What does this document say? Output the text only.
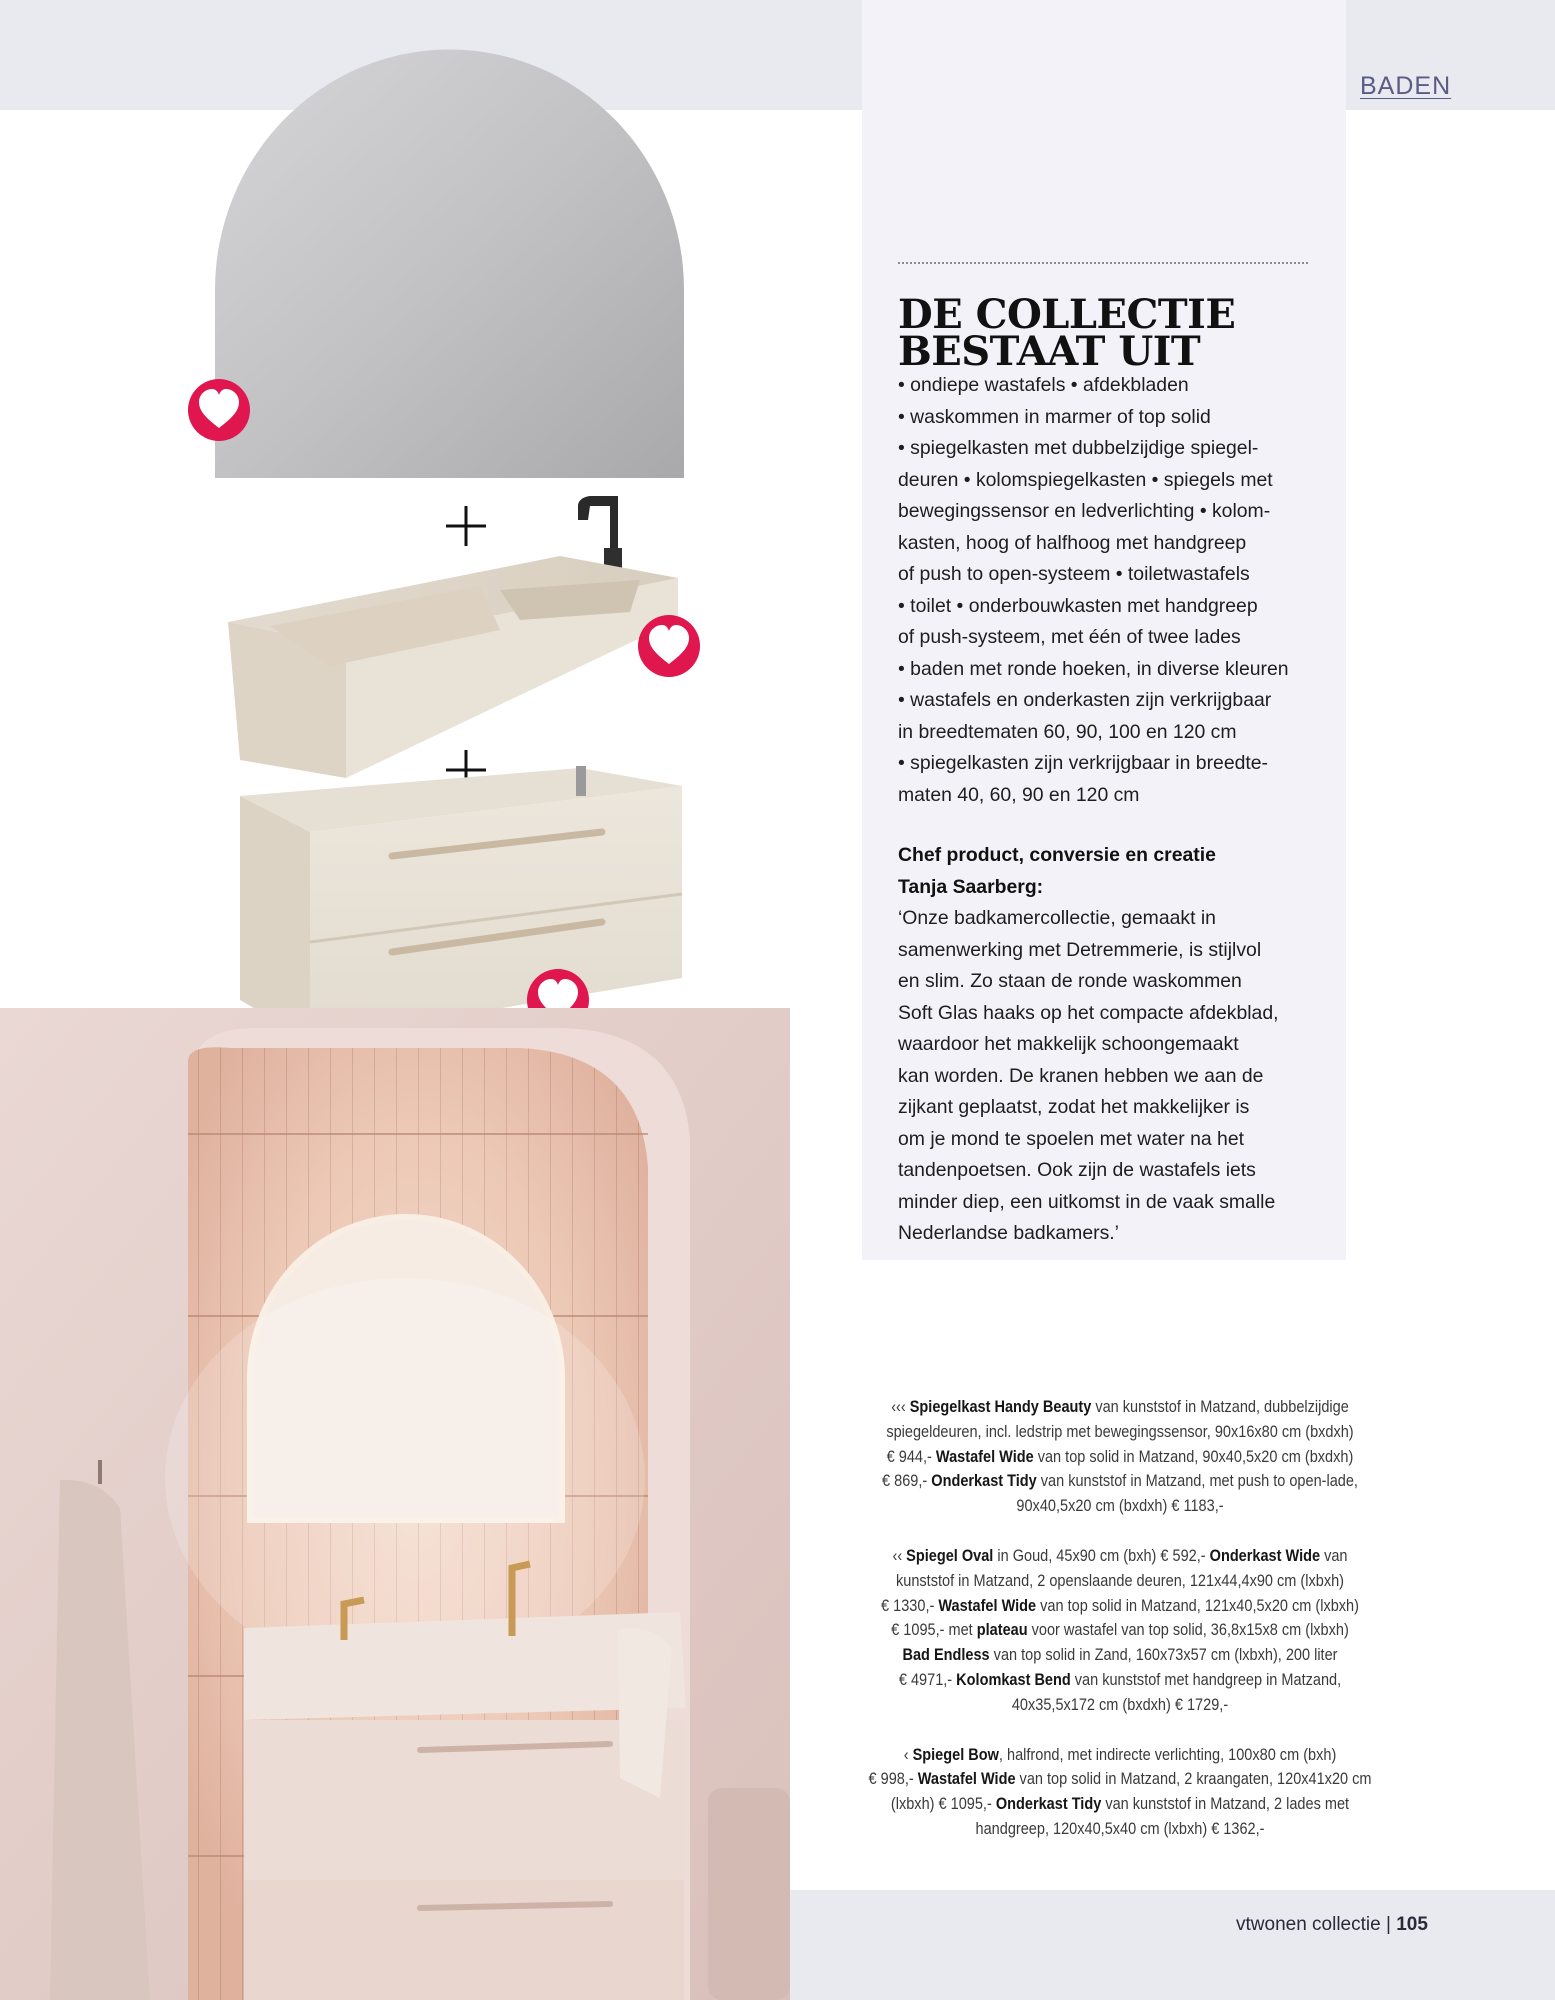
BADEN
DE COLLECTIE
BESTAAT UIT
• ondiepe wastafels • afdekbladen
• waskommen in marmer of top solid
• spiegelkasten met dubbelzijdige spiegel-
deuren • kolomspiegelkasten • spiegels met
bewegingssensor en ledverlichting • kolom-
kasten, hoog of halfhoog met handgreep
of push to open-systeem • toiletwastafels
• toilet • onderbouwkasten met handgreep
of push-systeem, met één of twee lades
• baden met ronde hoeken, in diverse kleuren
• wastafels en onderkasten zijn verkrijgbaar
in breedtematen 60, 90, 100 en 120 cm
• spiegelkasten zijn verkrijgbaar in breedte-
maten 40, 60, 90 en 120 cm
Chef product, conversie en creatie
Tanja Saarberg:
‘Onze badkamercollectie, gemaakt in
samenwerking met Detremmerie, is stijlvol
en slim. Zo staan de ronde waskommen
Soft Glas haaks op het compacte afdekblad,
waardoor het makkelijk schoongemaakt
kan worden. De kranen hebben we aan de
zijkant geplaatst, zodat het makkelijker is
om je mond te spoelen met water na het
tandenpoetsen. Ook zijn de wastafels iets
minder diep, een uitkomst in de vaak smalle
Nederlandse badkamers.’
‹‹‹ Spiegelkast Handy Beauty van kunststof in Matzand, dubbelzijdige
spiegeldeuren, incl. ledstrip met bewegingssensor, 90x16x80 cm (bxdxh)
€ 944,- Wastafel Wide van top solid in Matzand, 90x40,5x20 cm (bxdxh)
€ 869,- Onderkast Tidy van kunststof in Matzand, met push to open-lade,
90x40,5x20 cm (bxdxh) € 1183,-
‹‹ Spiegel Oval in Goud, 45x90 cm (bxh) € 592,- Onderkast Wide van
kunststof in Matzand, 2 openslaande deuren, 121x44,4x90 cm (lxbxh)
€ 1330,- Wastafel Wide van top solid in Matzand, 121x40,5x20 cm (lxbxh)
€ 1095,- met plateau voor wastafel van top solid, 36,8x15x8 cm (lxbxh)
Bad Endless van top solid in Zand, 160x73x57 cm (lxbxh), 200 liter
€ 4971,- Kolomkast Bend van kunststof met handgreep in Matzand,
40x35,5x172 cm (bxdxh) € 1729,-
‹ Spiegel Bow, halfrond, met indirecte verlichting, 100x80 cm (bxh)
€ 998,- Wastafel Wide van top solid in Matzand, 2 kraangaten, 120x41x20 cm
(lxbxh) € 1095,- Onderkast Tidy van kunststof in Matzand, 2 lades met
handgreep, 120x40,5x40 cm (lxbxh) € 1362,-
vtwonen collectie | 105
